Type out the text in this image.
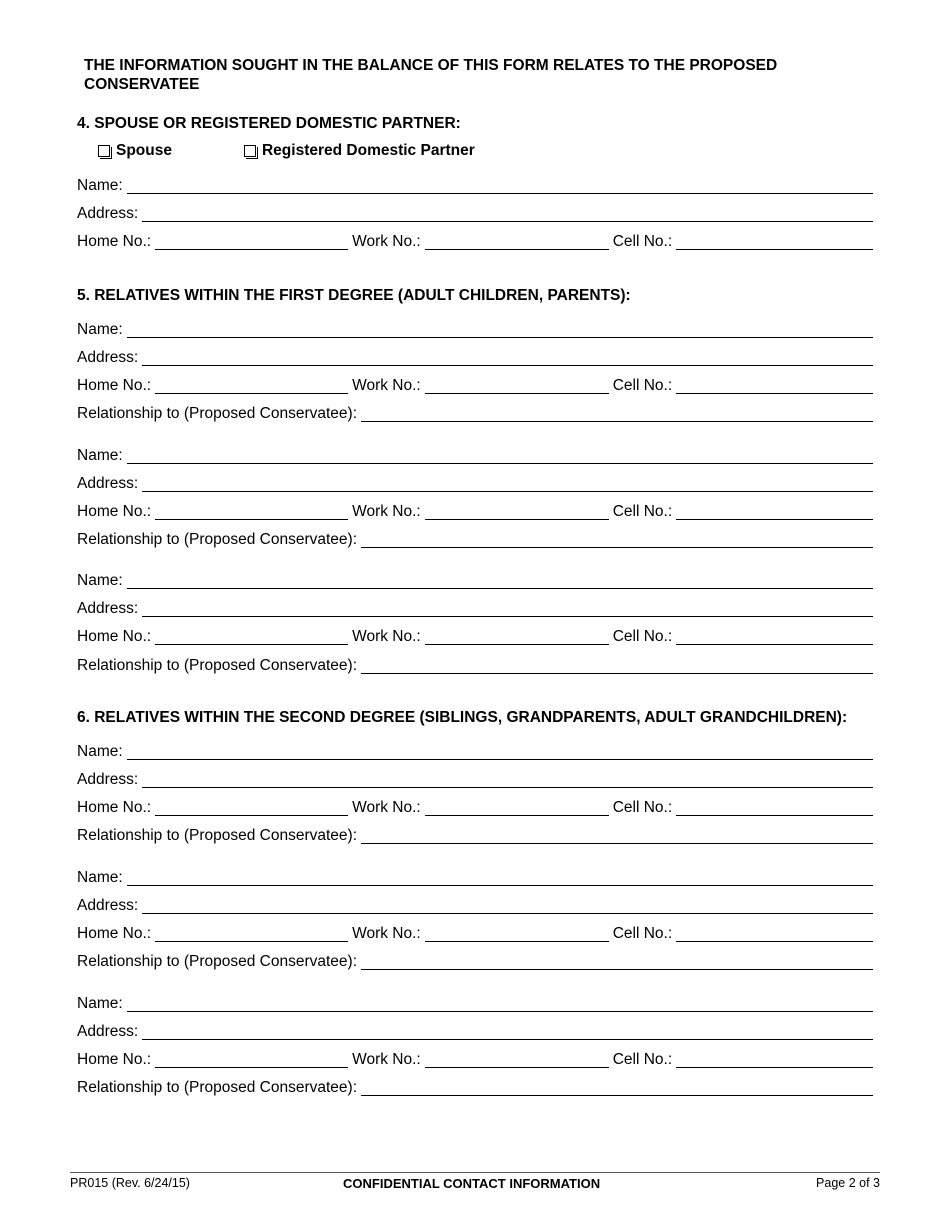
THE INFORMATION SOUGHT IN THE BALANCE OF THIS FORM RELATES TO THE PROPOSED CONSERVATEE
4. SPOUSE OR REGISTERED DOMESTIC PARTNER:
Spouse	Registered Domestic Partner
Name:
Address:
Home No.:	Work No.:	Cell No.:
5. RELATIVES WITHIN THE FIRST DEGREE (ADULT CHILDREN, PARENTS):
Name:
Address:
Home No.:	Work No.:	Cell No.:
Relationship to (Proposed Conservatee):
Name:
Address:
Home No.:	Work No.:	Cell No.:
Relationship to (Proposed Conservatee):
Name:
Address:
Home No.:	Work No.:	Cell No.:
Relationship to (Proposed Conservatee):
6. RELATIVES WITHIN THE SECOND DEGREE (SIBLINGS, GRANDPARENTS, ADULT GRANDCHILDREN):
Name:
Address:
Home No.:	Work No.:	Cell No.:
Relationship to (Proposed Conservatee):
Name:
Address:
Home No.:	Work No.:	Cell No.:
Relationship to (Proposed Conservatee):
Name:
Address:
Home No.:	Work No.:	Cell No.:
Relationship to (Proposed Conservatee):
PR015 (Rev. 6/24/15)	CONFIDENTIAL CONTACT INFORMATION	Page 2 of 3
